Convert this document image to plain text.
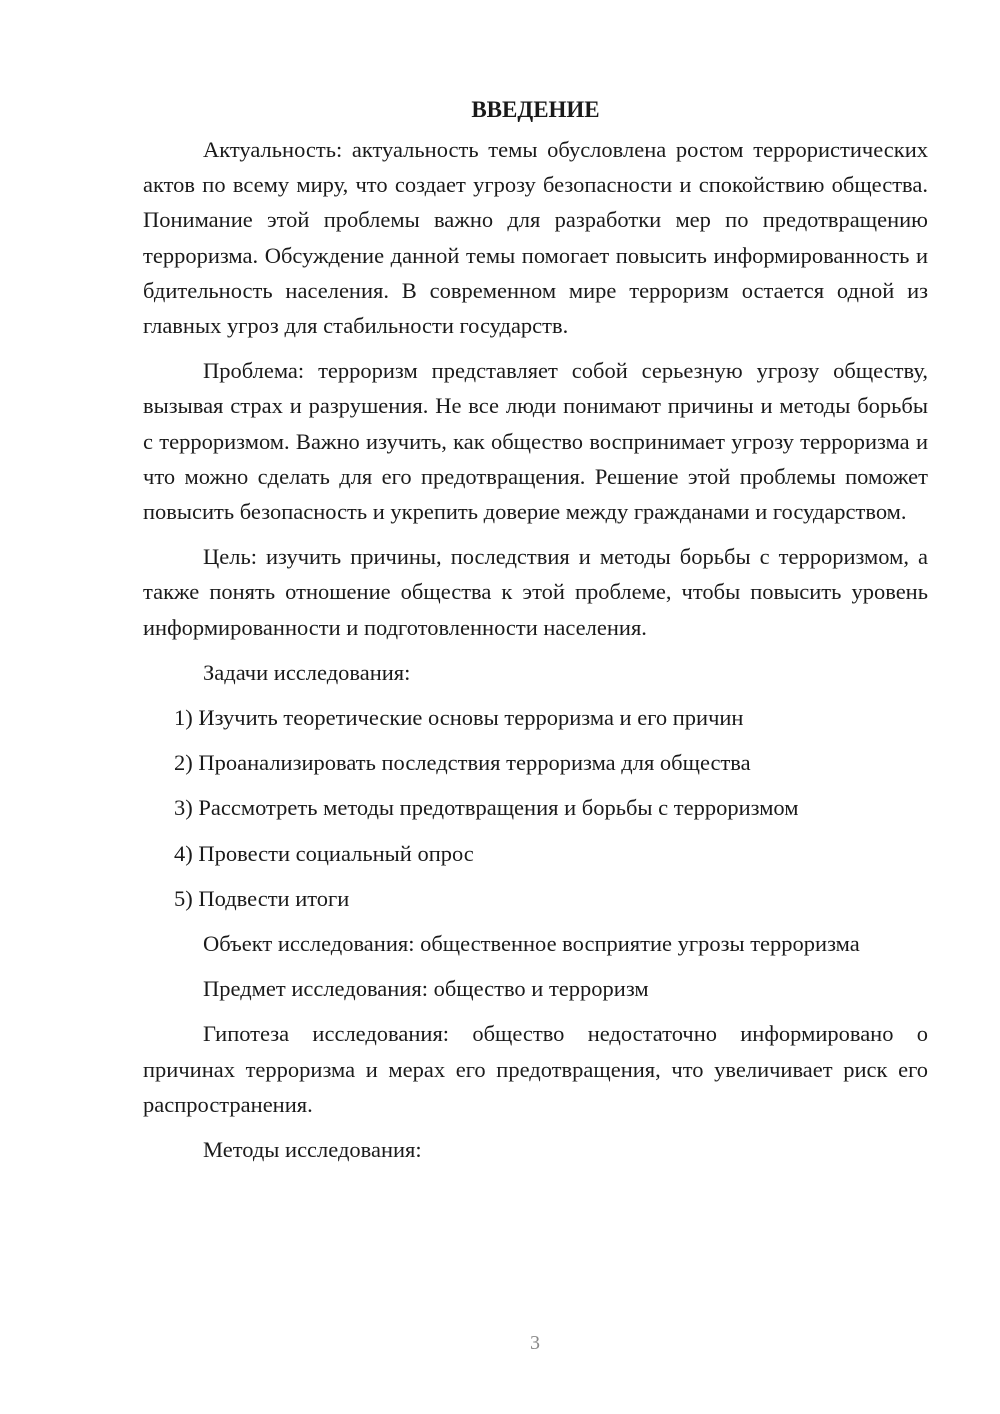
ВВЕДЕНИЕ

Актуальность: актуальность темы обусловлена ростом террористических актов по всему миру, что создает угрозу безопасности и спокойствию общества. Понимание этой проблемы важно для разработки мер по предотвращению терроризма. Обсуждение данной темы помогает повысить информированность и бдительность населения. В современном мире терроризм остается одной из главных угроз для стабильности государств.

Проблема: терроризм представляет собой серьезную угрозу обществу, вызывая страх и разрушения. Не все люди понимают причины и методы борьбы с терроризмом. Важно изучить, как общество воспринимает угрозу терроризма и что можно сделать для его предотвращения. Решение этой проблемы поможет повысить безопасность и укрепить доверие между гражданами и государством.

Цель: изучить причины, последствия и методы борьбы с терроризмом, а также понять отношение общества к этой проблеме, чтобы повысить уровень информированности и подготовленности населения.

Задачи исследования:

1) Изучить теоретические основы терроризма и его причин
2) Проанализировать последствия терроризма для общества
3) Рассмотреть методы предотвращения и борьбы с терроризмом
4) Провести социальный опрос
5) Подвести итоги

Объект исследования: общественное восприятие угрозы терроризма

Предмет исследования: общество и терроризм

Гипотеза исследования: общество недостаточно информировано о причинах терроризма и мерах его предотвращения, что увеличивает риск его распространения.

Методы исследования:

3
